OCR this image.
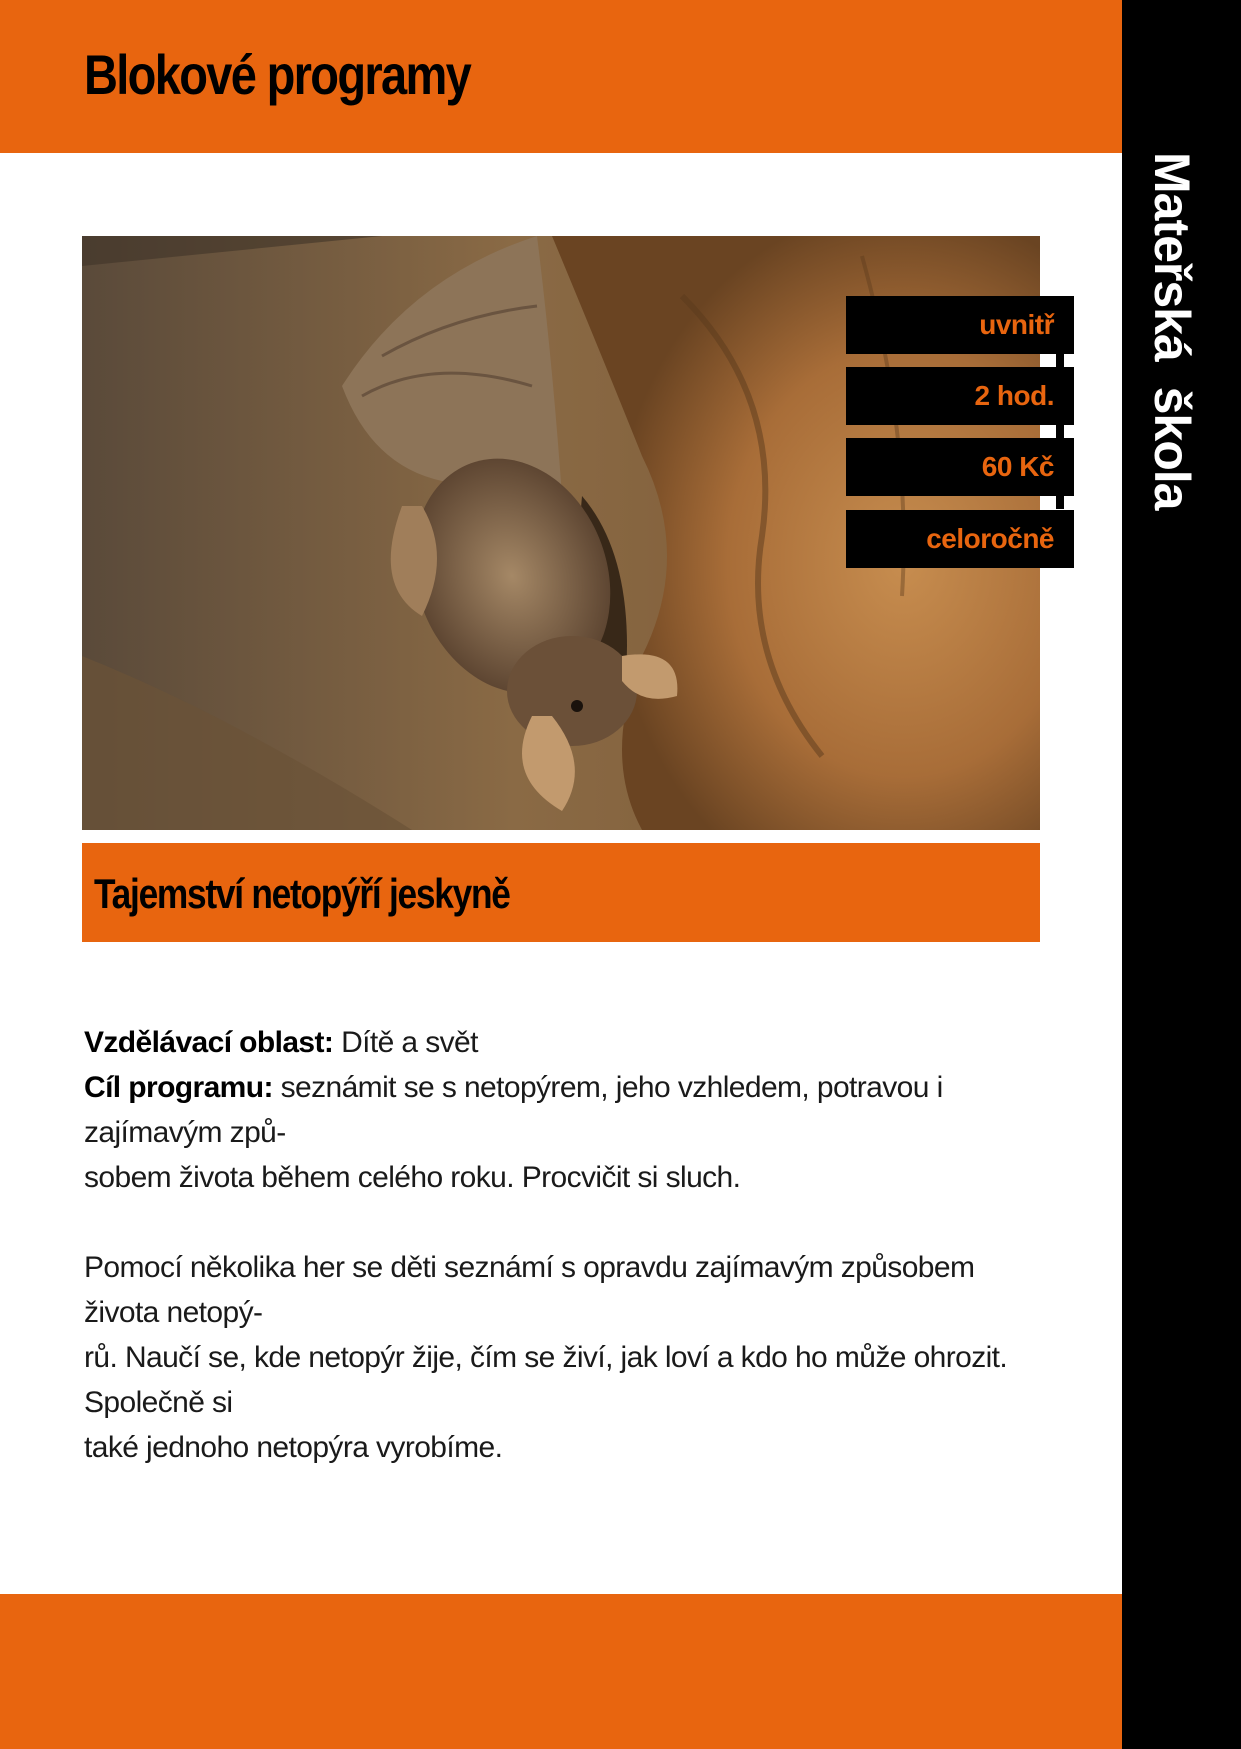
Blokové programy
Mateřská  škola
uvnitř
2 hod.
60 Kč
celoročně
Tajemství netopýří jeskyně

Vzdělávací oblast: Dítě a svět

Cíl programu: seznámit se s netopýrem, jeho vzhledem, potravou i zajímavým způ-

sobem života během celého roku. Procvičit si sluch.

Pomocí několika her se děti seznámí s opravdu zajímavým způsobem života netopý-

rů. Naučí se, kde netopýr žije, čím se živí, jak loví a kdo ho může ohrozit. Společně si

také jednoho netopýra vyrobíme.
